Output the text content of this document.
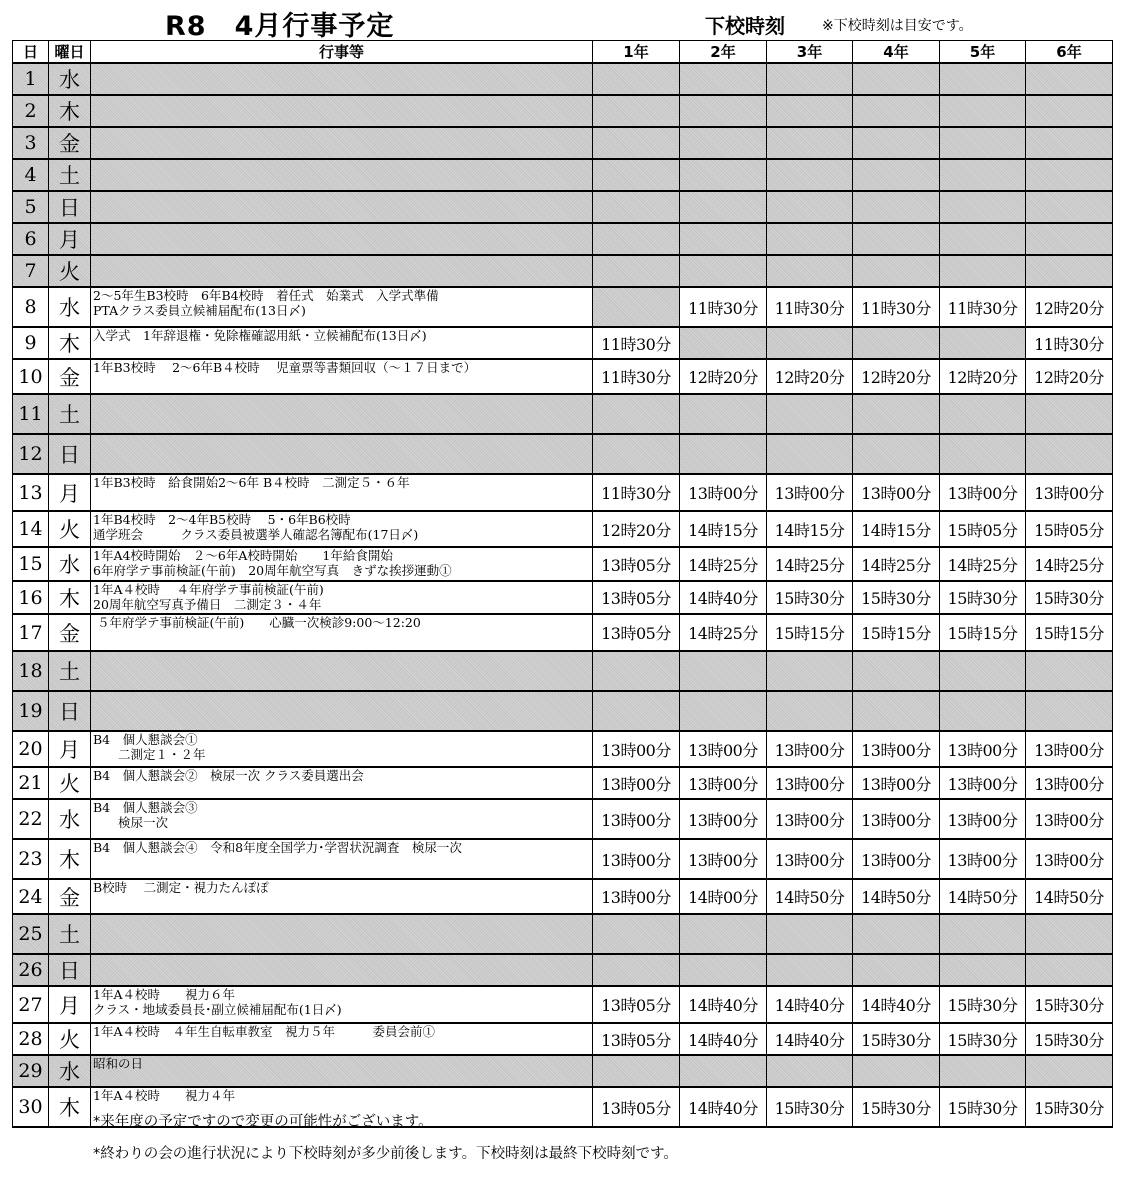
R8　4月行事予定	下校時刻	※下校時刻は目安です。
日	曜日	行事等	1年	2年	3年	4年	5年	6年
1	水							
2	木							
3	金							
4	土							
5	日							
6	月							
7	火							
8	水	2～5年生B3校時　6年B4校時　着任式　始業式　入学式準備
PTAクラス委員立候補届配布(13日〆)		11時30分	11時30分	11時30分	11時30分	12時20分
9	木	入学式　1年辞退権・免除権確認用紙・立候補配布(13日〆)	11時30分					11時30分
10	金	1年B3校時　 2～6年B４校時　 児童票等書類回収（～１７日まで）	11時30分	12時20分	12時20分	12時20分	12時20分	12時20分
11	土							
12	日							
13	月	1年B3校時　給食開始2～6年 B４校時　二測定５・６年	11時30分	13時00分	13時00分	13時00分	13時00分	13時00分
14	火	1年B4校時　2～4年B5校時　 5・6年B6校時
通学班会　　　クラス委員被選挙人確認名簿配布(17日〆)	12時20分	14時15分	14時15分	14時15分	15時05分	15時05分
15	水	1年A4校時開始　２～6年A校時開始　　1年給食開始
6年府学テ事前検証(午前)　20周年航空写真　きずな挨拶運動①	13時05分	14時25分	14時25分	14時25分	14時25分	14時25分
16	木	1年A４校時　 ４年府学テ事前検証(午前)
20周年航空写真予備日　二測定３・４年	13時05分	14時40分	15時30分	15時30分	15時30分	15時30分
17	金	５年府学テ事前検証(午前)　　心臓一次検診9:00～12:20	13時05分	14時25分	15時15分	15時15分	15時15分	15時15分
18	土							
19	日							
20	月	B4　個人懇談会①
　　二測定１・２年	13時00分	13時00分	13時00分	13時00分	13時00分	13時00分
21	火	B4　個人懇談会②　検尿一次 クラス委員選出会	13時00分	13時00分	13時00分	13時00分	13時00分	13時00分
22	水	B4　個人懇談会③
　　検尿一次	13時00分	13時00分	13時00分	13時00分	13時00分	13時00分
23	木	B4　個人懇談会④　令和8年度全国学力･学習状況調査　検尿一次	13時00分	13時00分	13時00分	13時00分	13時00分	13時00分
24	金	B校時　 二測定・視力たんぽぽ	13時00分	14時00分	14時50分	14時50分	14時50分	14時50分
25	土							
26	日							
27	月	1年A４校時　　視力６年
クラス・地域委員長･副立候補届配布(1日〆)	13時05分	14時40分	14時40分	14時40分	15時30分	15時30分
28	火	1年A４校時　４年生自転車教室　視力５年　　　委員会前①	13時05分	14時40分	14時40分	15時30分	15時30分	15時30分
29	水	昭和の日						

30	木	1年A４校時　　視力４年	13時05分	14時40分	15時30分	15時30分	15時30分	15時30分
*来年度の予定ですので変更の可能性がございます。
*終わりの会の進行状況により下校時刻が多少前後します。下校時刻は最終下校時刻です。
